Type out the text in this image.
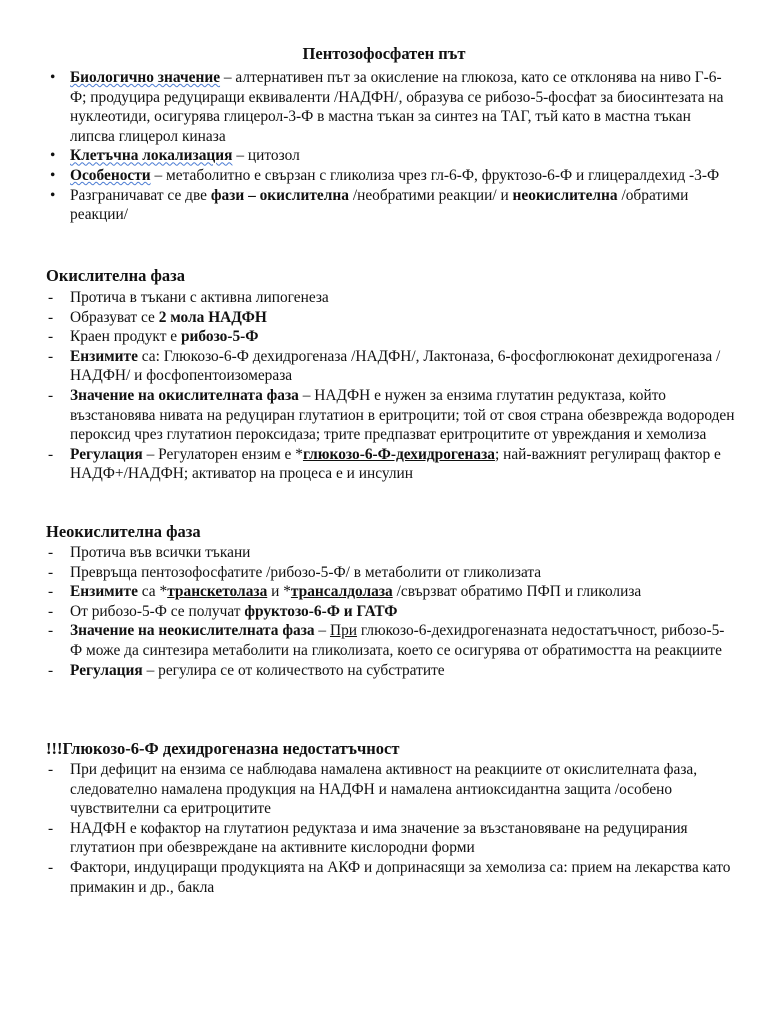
Пентозофосфатен път
• Биологично значение – алтернативен път за окисление на глюкоза, като се отклонява на ниво Г-6-Ф; продуцира редуциращи еквиваленти /НАДФН/, образува се рибозо-5-фосфат за биосинтезата на нуклеотиди, осигурява глицерол-3-Ф в мастна тъкан за синтез на ТАГ, тъй като в мастна тъкан липсва глицерол киназа
• Клетъчна локализация – цитозол
• Особености – метаболитно е свързан с гликолиза чрез гл-6-Ф, фруктозо-6-Ф и глицералдехид -3-Ф
• Разграничават се две фази – окислителна /необратими реакции/ и неокислителна /обратими реакции/
Окислителна фаза
- Протича в тъкани с активна липогенеза
- Образуват се 2 мола НАДФН
- Краен продукт е рибозо-5-Ф
- Ензимите са: Глюкозо-6-Ф дехидрогеназа /НАДФН/, Лактоназа, 6-фосфоглюконат дехидрогеназа /НАДФН/ и фосфопентоизомераза
- Значение на окислителната фаза – НАДФН е нужен за ензима глутатин редуктаза, който възстановява нивата на редуциран глутатион в еритроцити; той от своя страна обезврежда водороден пероксид чрез глутатион пероксидаза; трите предпазват еритроцитите от увреждания и хемолиза
- Регулация – Регулаторен ензим е *глюкозо-6-Ф-дехидрогеназа; най-важният регулиращ фактор е НАДФ+/НАДФН; активатор на процеса е и инсулин
Неокислителна фаза
- Протича във всички тъкани
- Превръща пентозофосфатите /рибозо-5-Ф/ в метаболити от гликолизата
- Ензимите са *транскетолаза и *трансалдолаза /свързват обратимо ПФП и гликолиза
- От рибозо-5-Ф се получат фруктозо-6-Ф и ГАТФ
- Значение на неокислителната фаза – При глюкозо-6-дехидрогеназната недостатъчност, рибозо-5-Ф може да синтезира метаболити на гликолизата, което се осигурява от обратимостта на реакциите
- Регулация – регулира се от количеството на субстратите
!!!Глюкозо-6-Ф дехидрогеназна недостатъчност
- При дефицит на ензима се наблюдава намалена активност на реакциите от окислителната фаза, следователно намалена продукция на НАДФН и намалена антиоксидантна защита /особено чувствителни са еритроцитите
- НАДФН е кофактор на глутатион редуктаза и има значение за възстановяване на редуцирания глутатион при обезвреждане на активните кислородни форми
- Фактори, индуциращи продукцията на АКФ и допринасящи за хемолиза са: прием на лекарства като примакин и др., бакла
